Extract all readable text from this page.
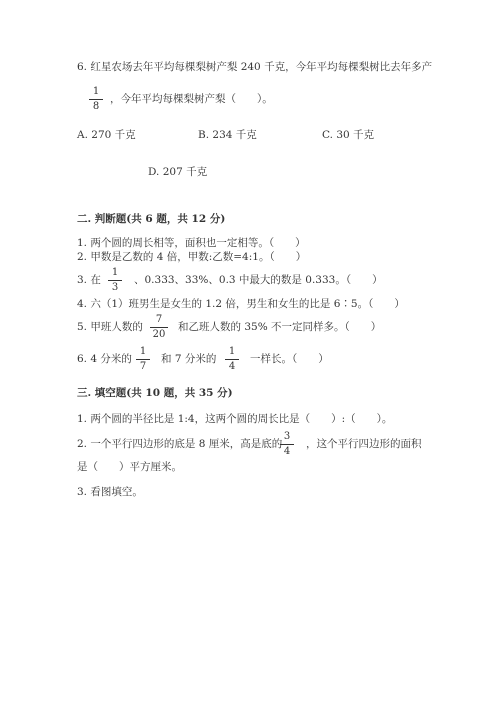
6. 红星农场去年平均每棵梨树产梨 240 千克，今年平均每棵梨树比去年多产
1
8
，今年平均每棵梨树产梨（　　）。
A. 270 千克	B. 234 千克	C. 30 千克
D. 207 千克
二. 判断题(共 6 题，共 12 分)
1. 两个圆的周长相等，面积也一定相等。（　　）
2. 甲数是乙数的 4 倍，甲数:乙数=4:1。（　　）
3. 在
1
3
、0.333、33%、0.3 中最大的数是 0.333。（　　）
4. 六（1）班男生是女生的 1.2 倍，男生和女生的比是 6∶5。（　　）
5. 甲班人数的
7
20
和乙班人数的 35% 不一定同样多。（　　）
6. 4 分米的
1
7
和 7 分米的
1
4
一样长。（　　）
三. 填空题(共 10 题，共 35 分)
1. 两个圆的半径比是 1:4，这两个圆的周长比是（　　）:（　　）。
2. 一个平行四边形的底是 8 厘米，高是底的
3
4
，这个平行四边形的面积
是（　　）平方厘米。
3. 看图填空。
